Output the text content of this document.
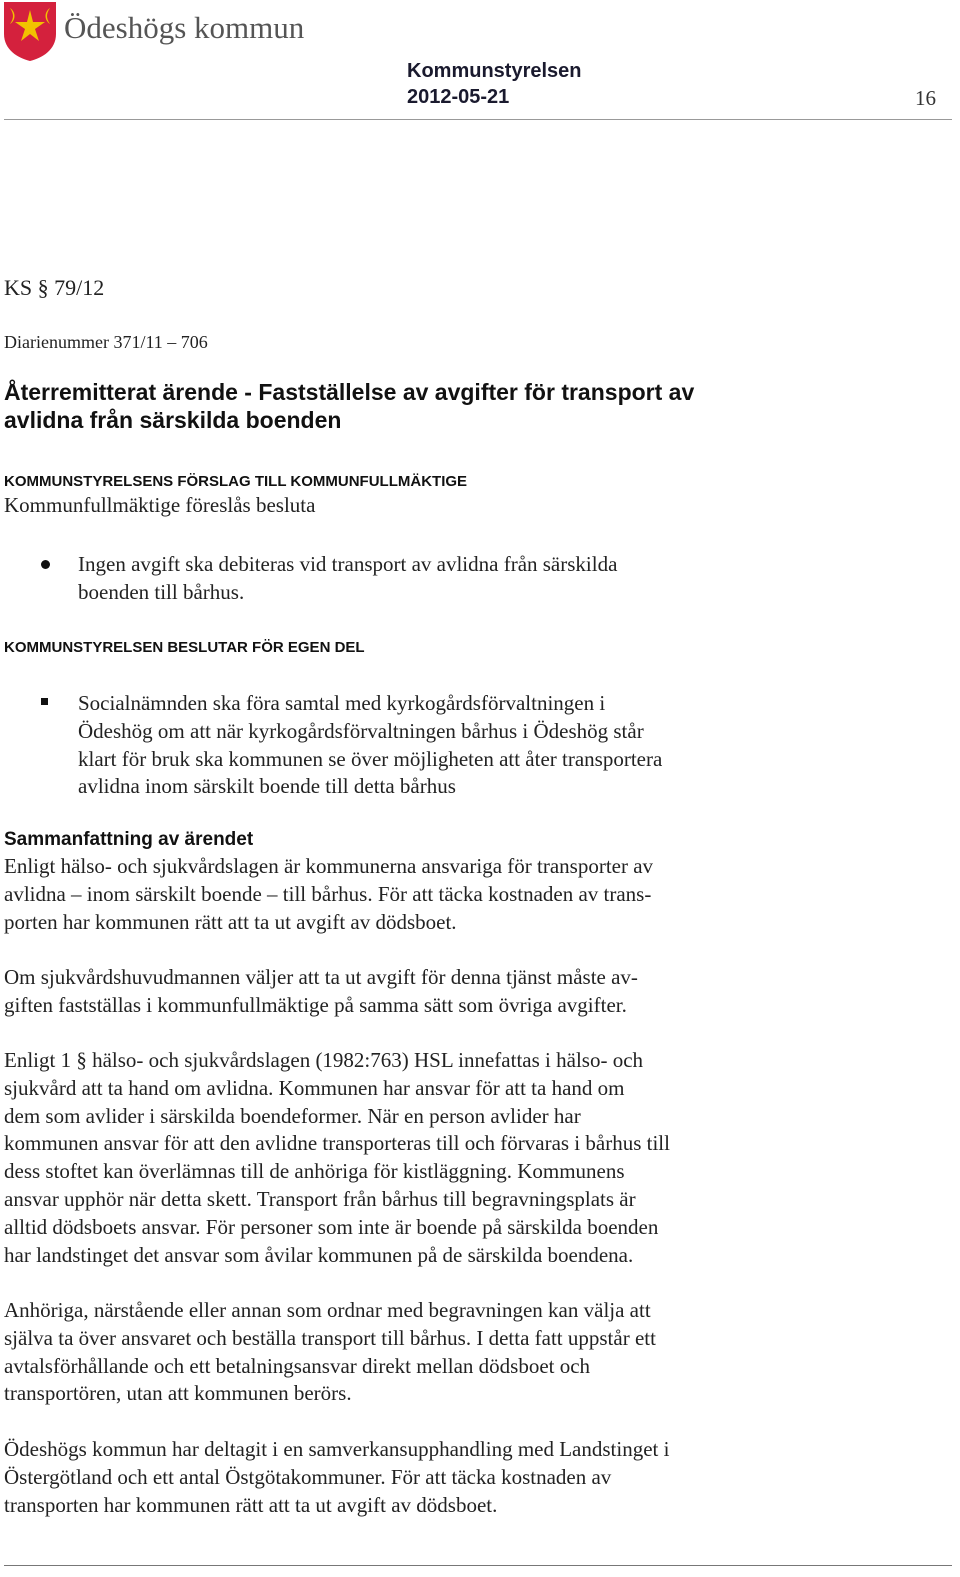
Ödeshögs kommun
Kommunstyrelsen
2012-05-21	16
KS § 79/12
Diarienummer 371/11 – 706
Återremitterat ärende - Fastställelse av avgifter för transport av
avlidna från särskilda boenden
KOMMUNSTYRELSENS FÖRSLAG TILL KOMMUNFULLMÄKTIGE
Kommunfullmäktige föreslås besluta
Ingen avgift ska debiteras vid transport av avlidna från särskilda
boenden till bårhus.
KOMMUNSTYRELSEN BESLUTAR FÖR EGEN DEL
Socialnämnden ska föra samtal med kyrkogårdsförvaltningen i
Ödeshög om att när kyrkogårdsförvaltningen bårhus i Ödeshög står
klart för bruk ska kommunen se över möjligheten att åter transportera
avlidna inom särskilt boende till detta bårhus
Sammanfattning av ärendet
Enligt hälso- och sjukvårdslagen är kommunerna ansvariga för transporter av
avlidna – inom särskilt boende – till bårhus. För att täcka kostnaden av trans-
porten har kommunen rätt att ta ut avgift av dödsboet.
Om sjukvårdshuvudmannen väljer att ta ut avgift för denna tjänst måste av-
giften fastställas i kommunfullmäktige på samma sätt som övriga avgifter.
Enligt 1 § hälso- och sjukvårdslagen (1982:763) HSL innefattas i hälso- och
sjukvård att ta hand om avlidna. Kommunen har ansvar för att ta hand om
dem som avlider i särskilda boendeformer. När en person avlider har
kommunen ansvar för att den avlidne transporteras till och förvaras i bårhus till
dess stoftet kan överlämnas till de anhöriga för kistläggning. Kommunens
ansvar upphör när detta skett. Transport från bårhus till begravningsplats är
alltid dödsboets ansvar. För personer som inte är boende på särskilda boenden
har landstinget det ansvar som åvilar kommunen på de särskilda boendena.
Anhöriga, närstående eller annan som ordnar med begravningen kan välja att
själva ta över ansvaret och beställa transport till bårhus. I detta fatt uppstår ett
avtalsförhållande och ett betalningsansvar direkt mellan dödsboet och
transportören, utan att kommunen berörs.
Ödeshögs kommun har deltagit i en samverkansupphandling med Landstinget i
Östergötland och ett antal Östgötakommuner. För att täcka kostnaden av
transporten har kommunen rätt att ta ut avgift av dödsboet.
